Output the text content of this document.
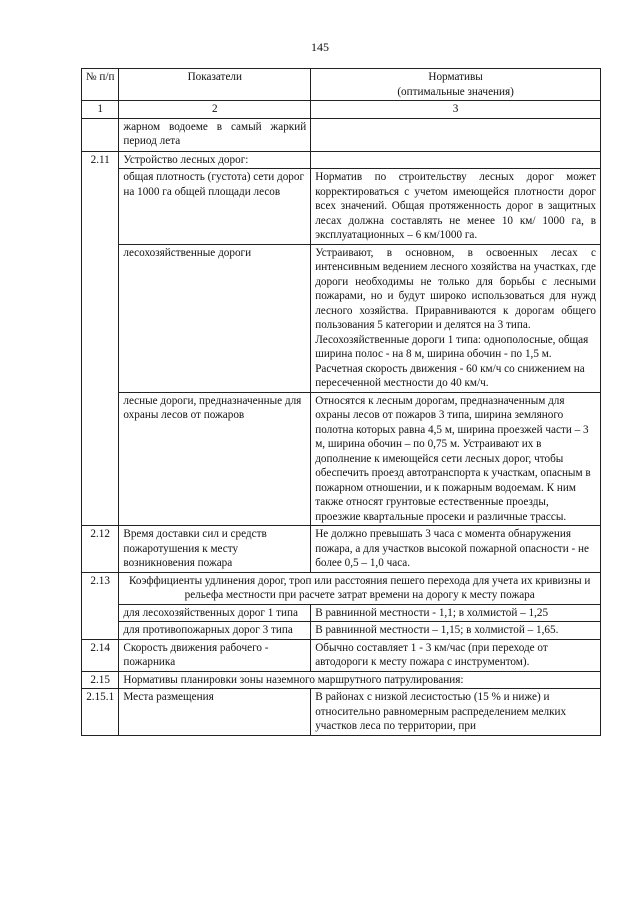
145
№ п/п	Показатели	Нормативы

(оптимальные значения)

1	2	3
	жарном водоеме в самый жаркий период лета	
2.11	Устройство лесных дорог:	
	общая плотность (густота) сети дорог на 1000 га общей площади лесов	Норматив по строительству лесных дорог может корректироваться с учетом имеющейся плотности дорог всех значений. Общая протяженность дорог в защитных лесах должна составлять не менее 10 км/ 1000 га, в эксплуатационных – 6 км/1000 га.
	лесохозяйственные дороги	Устраивают, в основном, в освоенных лесах с интенсивным ведением лесного хозяйства на участках, где дороги необходимы не только для борьбы с лесными пожарами, но и будут широко использоваться для нужд лесного хозяйства. Приравниваются к дорогам общего пользования 5 категории и делятся на 3 типа.

Лесохозяйственные дороги 1 типа: однополосные, общая ширина полос - на 8 м, ширина обочин - по 1,5 м.

Расчетная скорость движения - 60 км/ч со снижением на пересеченной местности до 40 км/ч.

	лесные дороги, предназначенные для охраны лесов от пожаров	Относятся к лесным дорогам, предназначенным для охраны лесов от пожаров 3 типа, ширина земляного полотна которых равна 4,5 м, ширина проезжей части – 3 м, ширина обочин – по 0,75 м. Устраивают их в дополнение к имеющейся сети лесных дорог, чтобы обеспечить проезд автотранспорта к участкам, опасным в пожарном отношении, и к пожарным водоемам. К ним также относят грунтовые естественные проезды, проезжие квартальные просеки и различные трассы.
2.12	Время доставки сил и средств пожаротушения к месту возникновения пожара	Не должно превышать 3 часа с момента обнаружения пожара, а для участков высокой пожарной опасности - не более 0,5 – 1,0 часа.
2.13	Коэффициенты удлинения дорог, троп или расстояния пешего перехода для учета их кривизны и рельефа местности при расчете затрат времени на дорогу к месту пожара	
	для лесохозяйственных дорог 1 типа	В равнинной местности - 1,1; в холмистой – 1,25
	для противопожарных дорог 3 типа	В равнинной местности – 1,15; в холмистой – 1,65.
2.14	Скорость движения рабочего - пожарника	Обычно составляет 1 - 3 км/час (при переходе от автодороги к месту пожара с инструментом).
2.15	Нормативы планировки зоны наземного маршрутного патрулирования:	
2.15.1	Места размещения	В районах с низкой лесистостью (15 % и ниже) и относительно равномерным распределением мелких участков леса по территории, при
